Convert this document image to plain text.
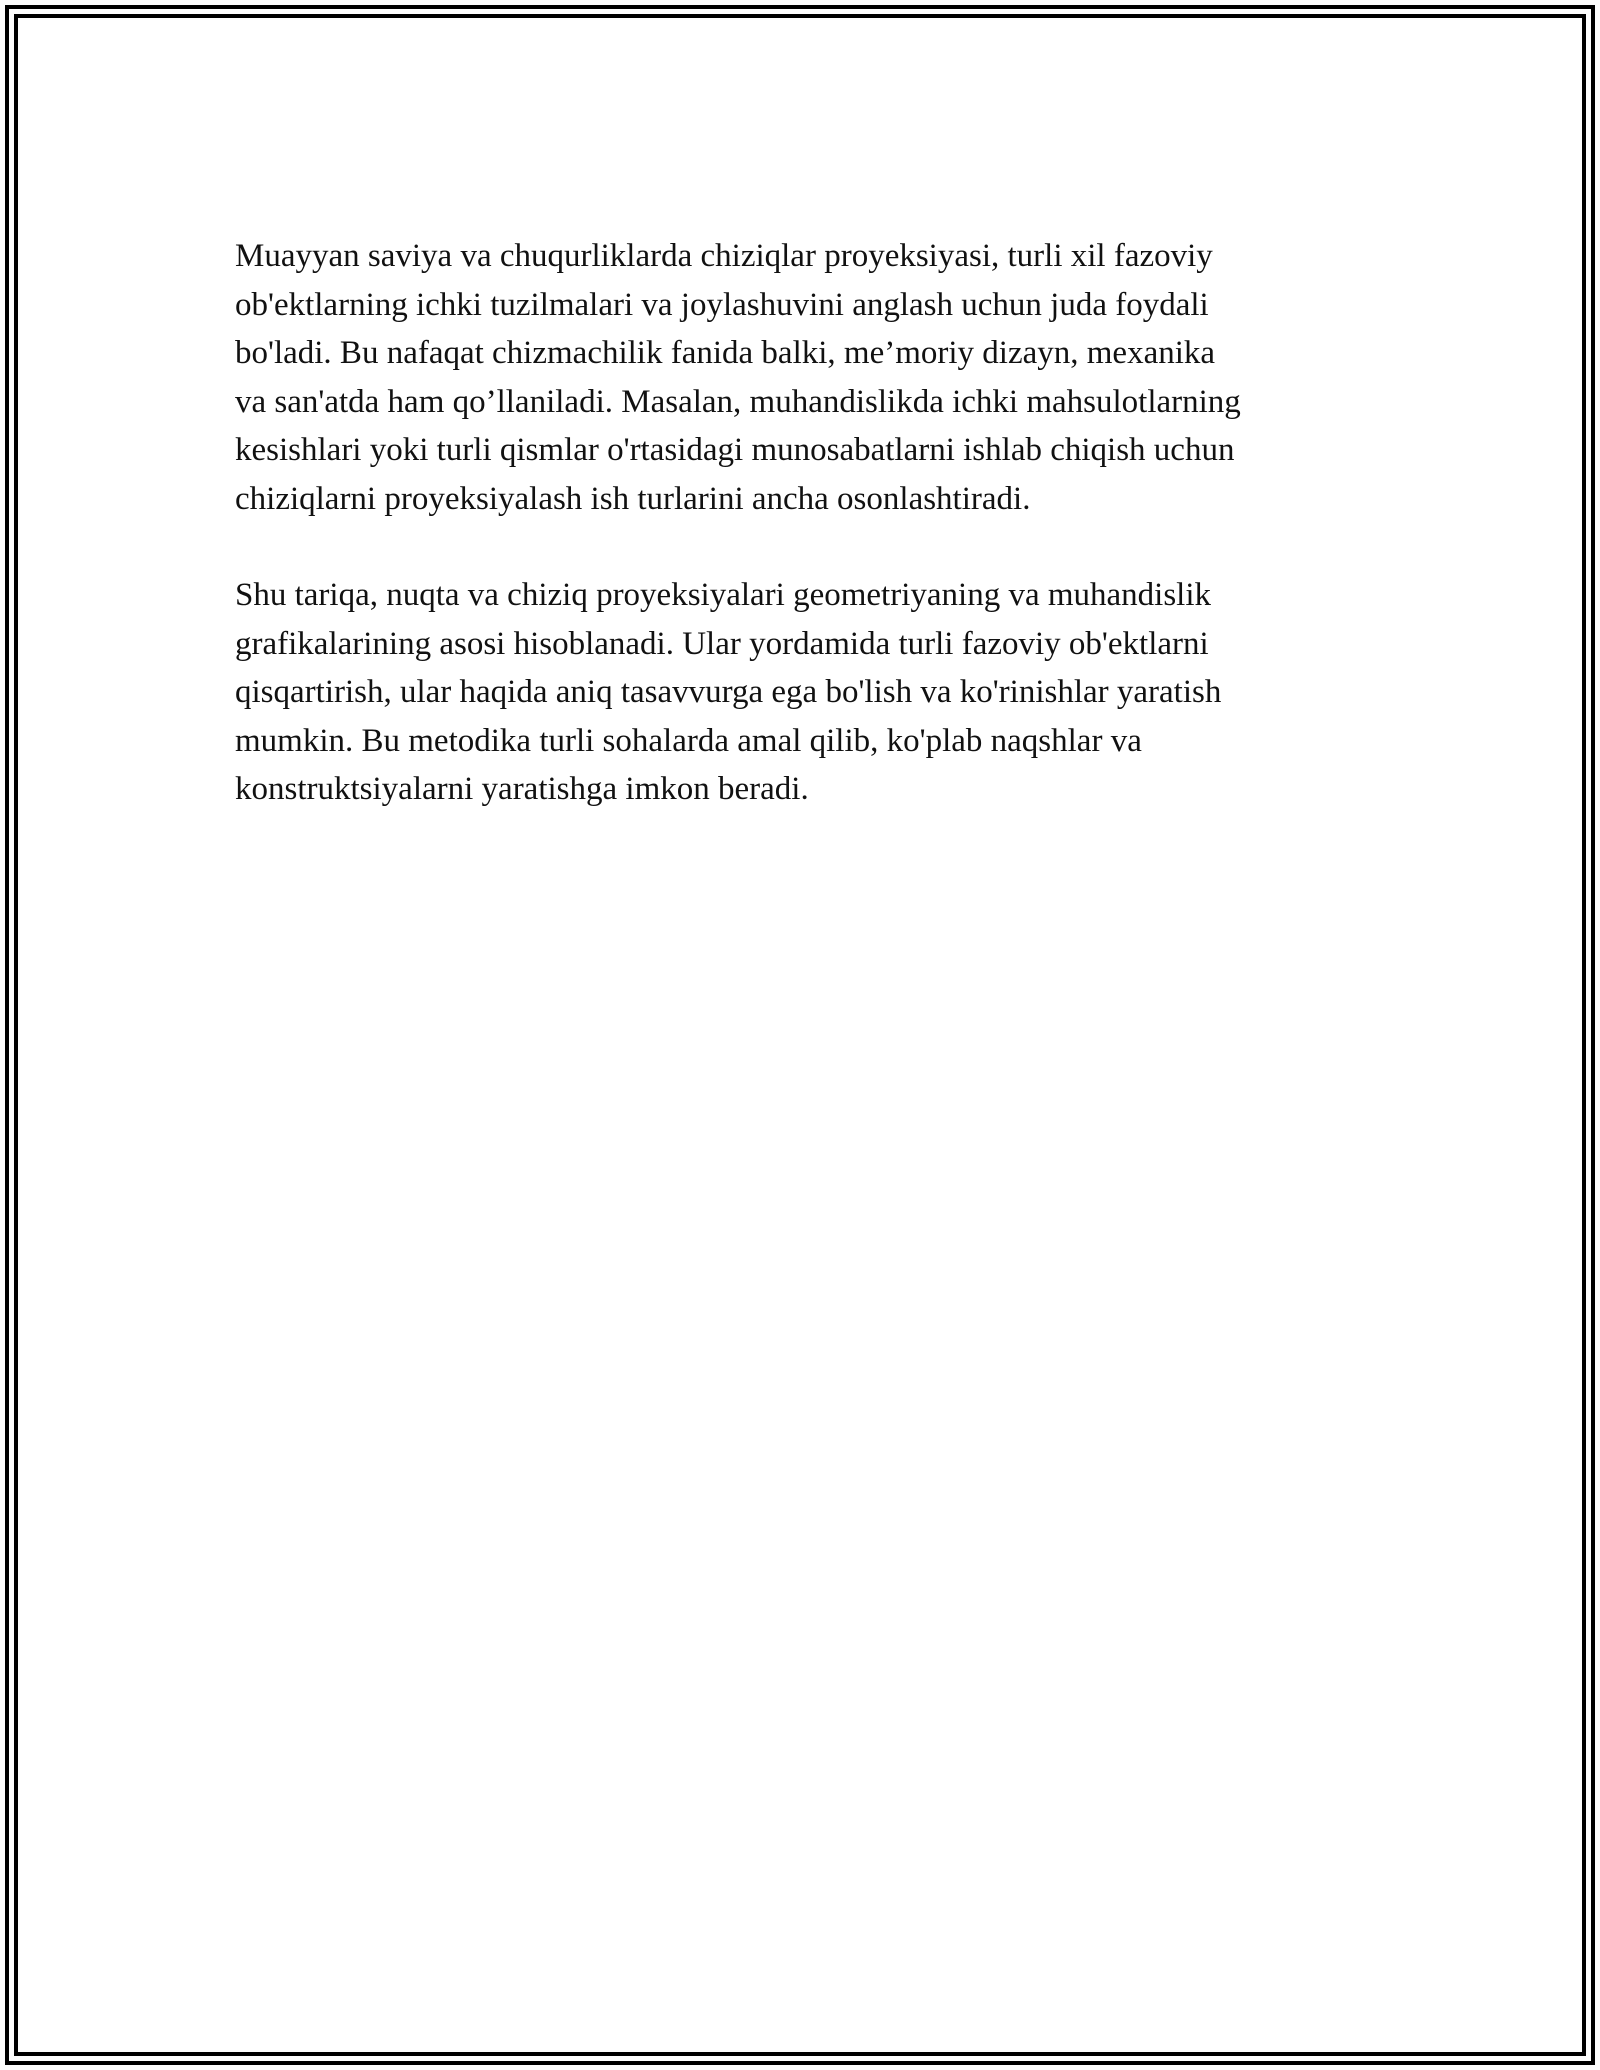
Muayyan saviya va chuqurliklarda chiziqlar proyeksiyasi, turli xil fazoviy
ob'ektlarning ichki tuzilmalari va joylashuvini anglash uchun juda foydali
bo'ladi. Bu nafaqat chizmachilik fanida balki, me’moriy dizayn, mexanika
va san'atda ham qo’llaniladi. Masalan, muhandislikda ichki mahsulotlarning
kesishlari yoki turli qismlar o'rtasidagi munosabatlarni ishlab chiqish uchun
chiziqlarni proyeksiyalash ish turlarini ancha osonlashtiradi.

Shu tariqa, nuqta va chiziq proyeksiyalari geometriyaning va muhandislik
grafikalarining asosi hisoblanadi. Ular yordamida turli fazoviy ob'ektlarni
qisqartirish, ular haqida aniq tasavvurga ega bo'lish va ko'rinishlar yaratish
mumkin. Bu metodika turli sohalarda amal qilib, ko'plab naqshlar va
konstruktsiyalarni yaratishga imkon beradi.
